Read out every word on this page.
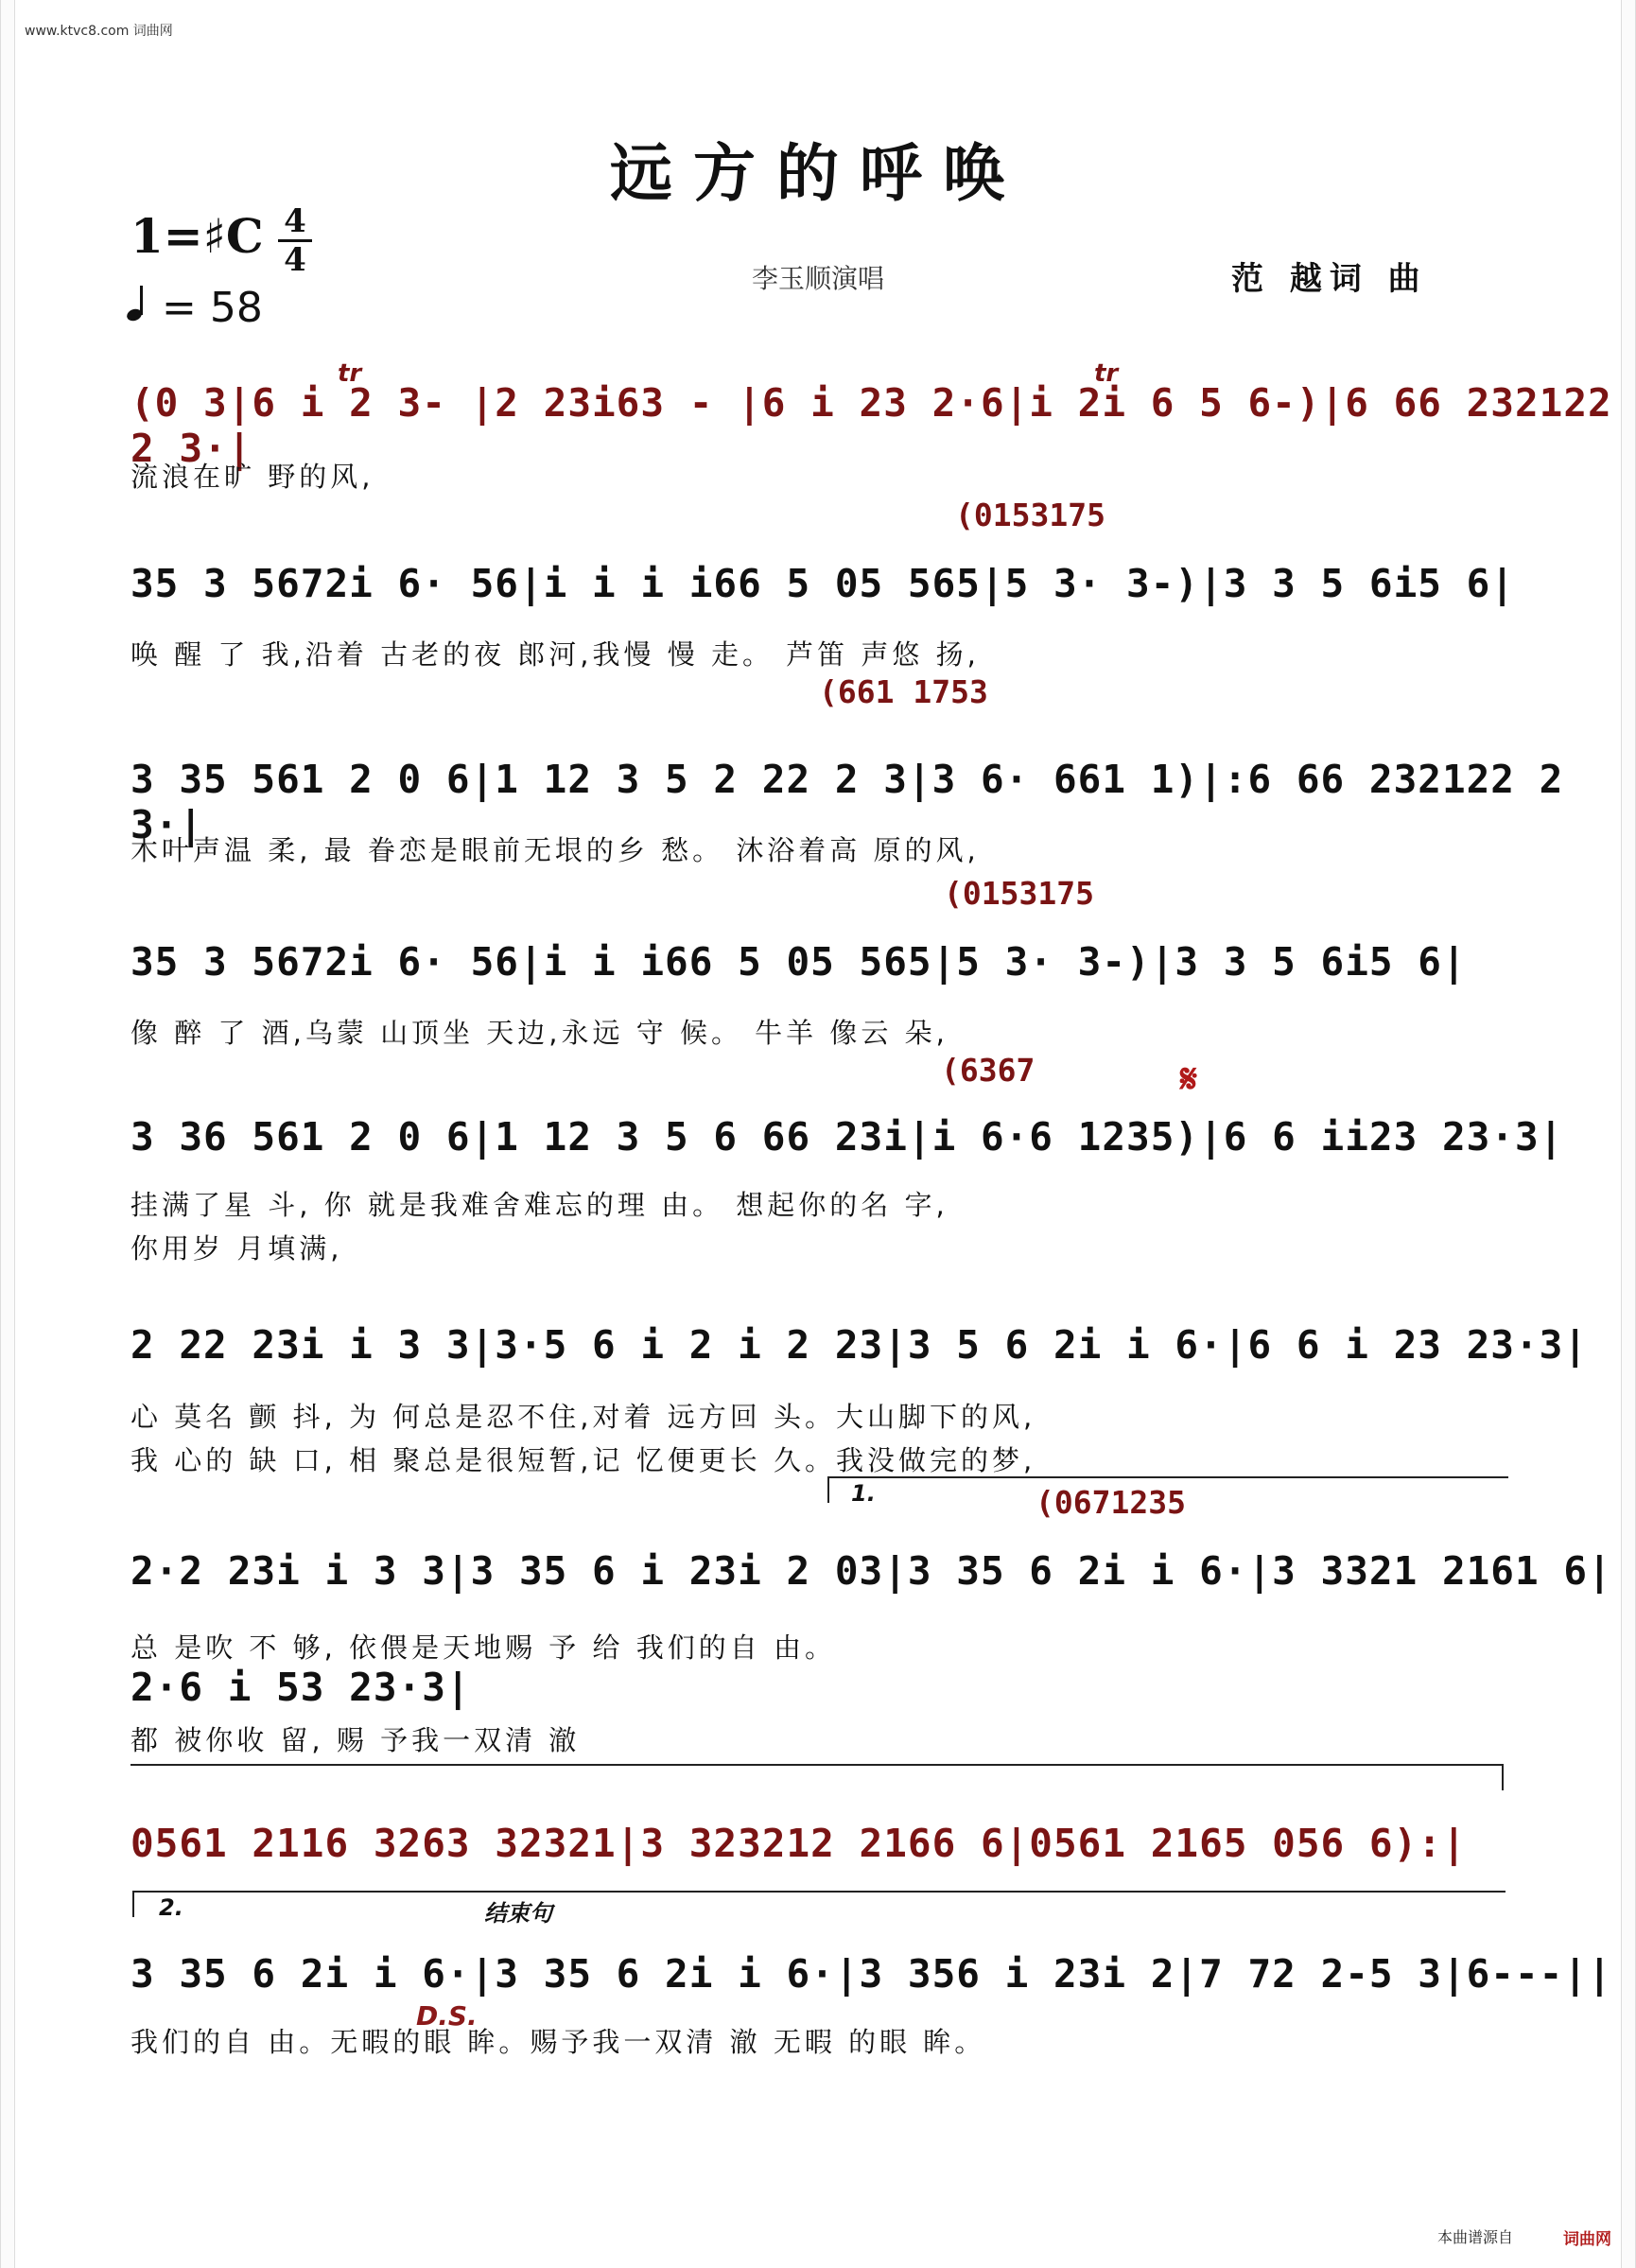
www.ktvc8.com 词曲网
远方的呼唤
1=♯C 4
4
= 58
李玉顺演唱	范 越词 曲
tr	tr
(0 3|6 i 2 3- |2 23i63 - |6 i 23 2·6|i 2i 6 5 6-)|6 66 232122 2 3·|
流浪在旷 野的风,
(0153175
35 3 5672i 6· 56|i i i i66 5 05 565|5 3· 3-)|3 3 5 6i5 6|
唤 醒 了 我,沿着 古老的夜 郎河,我慢 慢 走。 芦笛 声悠 扬,
(661 1753
3 35 561 2 0 6|1 12 3 5 2 22 2 3|3 6· 661 1)|:6 66 232122 2 3·|
木叶声温 柔, 最 眷恋是眼前无垠的乡 愁。 沐浴着高 原的风,
(0153175
35 3 5672i 6· 56|i i i66 5 05 565|5 3· 3-)|3 3 5 6i5 6|
像 醉 了 酒,乌蒙 山顶坐 天边,永远 守 候。 牛羊 像云 朵,
(6367	𝄋
3 36 561 2 0 6|1 12 3 5 6 66 23i|i 6·6 1235)|6 6 ii23 23·3|
挂满了星 斗, 你 就是我难舍难忘的理 由。 想起你的名 字,
你用岁 月填满,
2 22 23i i 3 3|3·5 6 i 2 i 2 23|3 5 6 2i i 6·|6 6 i 23 23·3|
心 莫名 颤 抖, 为 何总是忍不住,对着 远方回 头。大山脚下的风,
我 心的 缺 口, 相 聚总是很短暂,记 忆便更长 久。我没做完的梦,
1.	(0671235
2·2 23i i 3 3|3 35 6 i 23i 2 03|3 35 6 2i i 6·|3 3321 2161 6|
总 是吹 不 够, 依偎是天地赐 予 给 我们的自 由。
2·6 i 53 23·3|
都 被你收 留, 赐 予我一双清 澈
0561 2116 3263 32321|3 323212 2166 6|0561 2165 056 6):|
2.	结束句
3 35 6 2i i 6·|3 35 6 2i i 6·|3 356 i 23i 2|7 72 2-5 3|6---||
D.S.
我们的自 由。无暇的眼 眸。赐予我一双清 澈 无暇 的眼 眸。
本曲谱源自	词曲网
